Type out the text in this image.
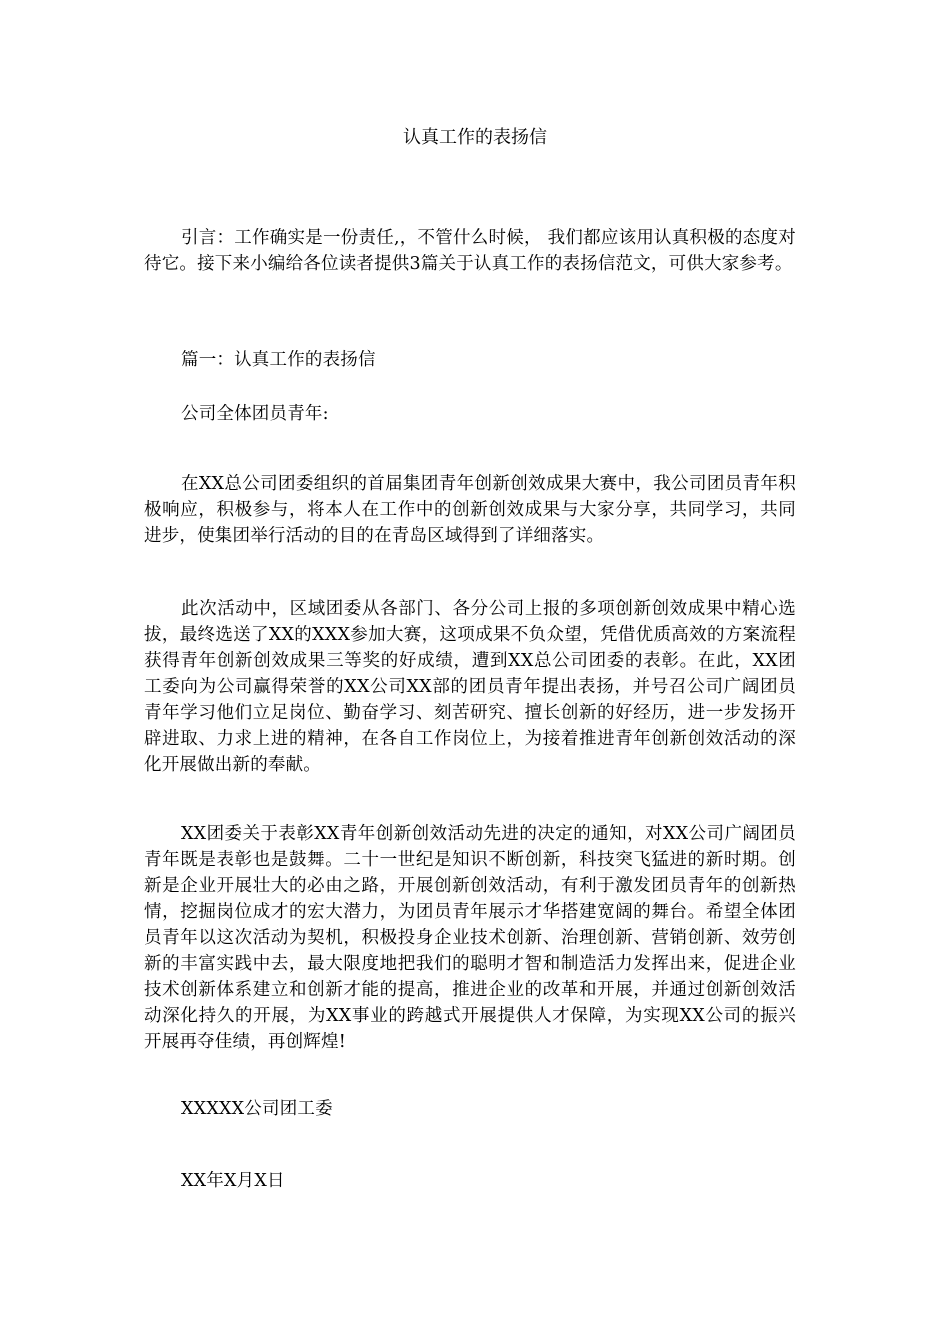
认真工作的表扬信

引言：工作确实是一份责任,，不管什么时候， 我们都应该用认真积极的态度对待它。接下来小编给各位读者提供3篇关于认真工作的表扬信范文，可供大家参考。

篇一：认真工作的表扬信

公司全体团员青年:

在XX总公司团委组织的首届集团青年创新创效成果大赛中，我公司团员青年积极响应，积极参与，将本人在工作中的创新创效成果与大家分享，共同学习，共同进步，使集团举行活动的目的在青岛区域得到了详细落实。

此次活动中，区域团委从各部门、各分公司上报的多项创新创效成果中精心选拔，最终选送了XX的XXX参加大赛，这项成果不负众望，凭借优质高效的方案流程获得青年创新创效成果三等奖的好成绩，遭到XX总公司团委的表彰。在此，XX团工委向为公司赢得荣誉的XX公司XX部的团员青年提出表扬，并号召公司广阔团员青年学习他们立足岗位、勤奋学习、刻苦研究、擅长创新的好经历，进一步发扬开辟进取、力求上进的精神，在各自工作岗位上，为接着推进青年创新创效活动的深化开展做出新的奉献。

XX团委关于表彰XX青年创新创效活动先进的决定的通知，对XX公司广阔团员青年既是表彰也是鼓舞。二十一世纪是知识不断创新，科技突飞猛进的新时期。创新是企业开展壮大的必由之路，开展创新创效活动，有利于激发团员青年的创新热情，挖掘岗位成才的宏大潜力，为团员青年展示才华搭建宽阔的舞台。希望全体团员青年以这次活动为契机，积极投身企业技术创新、治理创新、营销创新、效劳创新的丰富实践中去，最大限度地把我们的聪明才智和制造活力发挥出来，促进企业技术创新体系建立和创新才能的提高，推进企业的改革和开展，并通过创新创效活动深化持久的开展，为XX事业的跨越式开展提供人才保障，为实现XX公司的振兴开展再夺佳绩，再创辉煌!

XXXXX公司团工委

XX年X月X日
